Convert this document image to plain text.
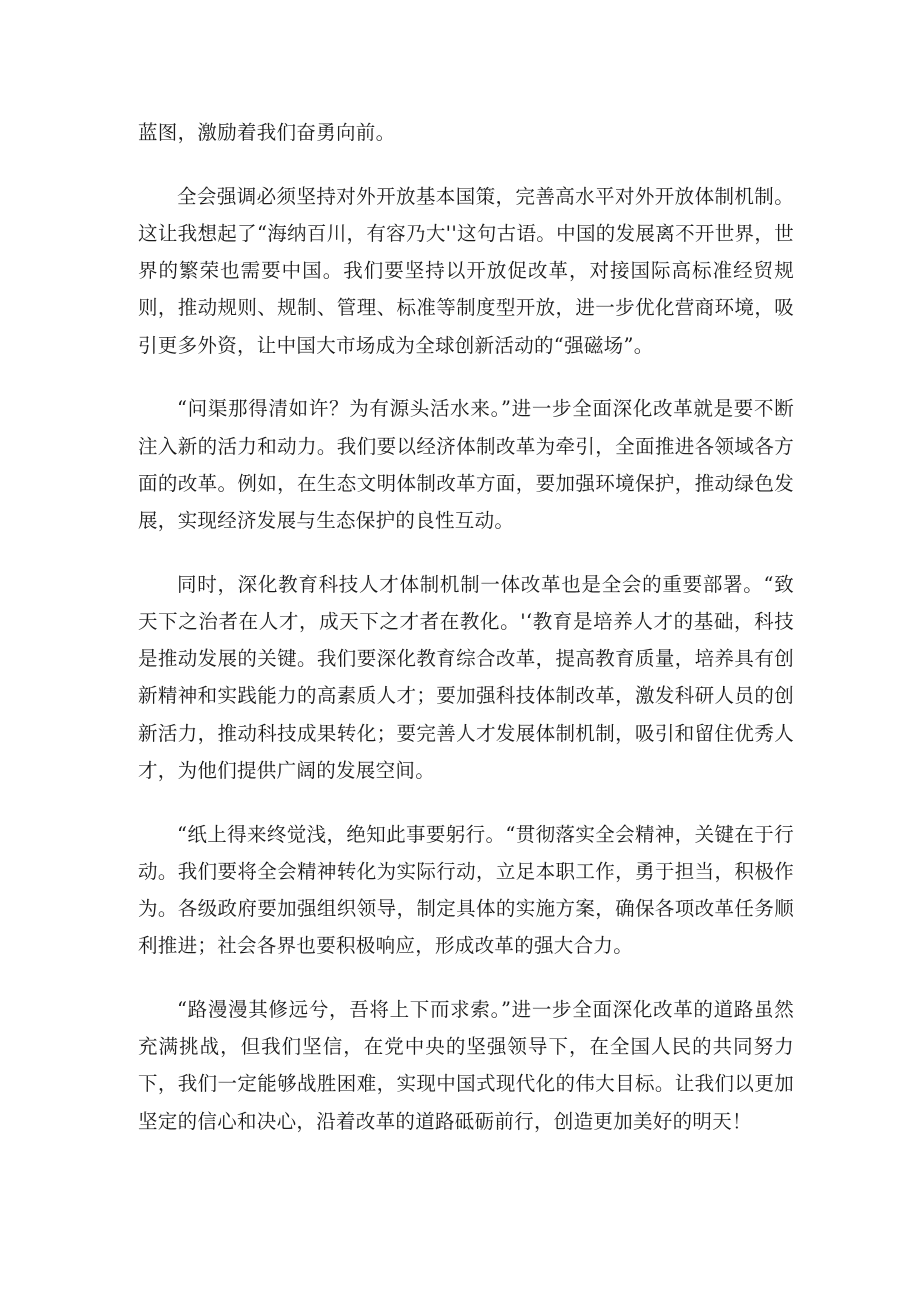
蓝图，激励着我们奋勇向前。

全会强调必须坚持对外开放基本国策，完善高水平对外开放体制机制。这让我想起了“海纳百川，有容乃大''这句古语。中国的发展离不开世界，世界的繁荣也需要中国。我们要坚持以开放促改革，对接国际高标准经贸规则，推动规则、规制、管理、标准等制度型开放，进一步优化营商环境，吸引更多外资，让中国大市场成为全球创新活动的“强磁场”。

“问渠那得清如许？为有源头活水来。”进一步全面深化改革就是要不断注入新的活力和动力。我们要以经济体制改革为牵引，全面推进各领域各方面的改革。例如，在生态文明体制改革方面，要加强环境保护，推动绿色发展，实现经济发展与生态保护的良性互动。

同时，深化教育科技人才体制机制一体改革也是全会的重要部署。“致天下之治者在人才，成天下之才者在教化。'‘教育是培养人才的基础，科技是推动发展的关键。我们要深化教育综合改革，提高教育质量，培养具有创新精神和实践能力的高素质人才；要加强科技体制改革，激发科研人员的创新活力，推动科技成果转化；要完善人才发展体制机制，吸引和留住优秀人才，为他们提供广阔的发展空间。

“纸上得来终觉浅，绝知此事要躬行。“贯彻落实全会精神，关键在于行动。我们要将全会精神转化为实际行动，立足本职工作，勇于担当，积极作为。各级政府要加强组织领导，制定具体的实施方案，确保各项改革任务顺利推进；社会各界也要积极响应，形成改革的强大合力。

“路漫漫其修远兮，吾将上下而求索。”进一步全面深化改革的道路虽然充满挑战，但我们坚信，在党中央的坚强领导下，在全国人民的共同努力下，我们一定能够战胜困难，实现中国式现代化的伟大目标。让我们以更加坚定的信心和决心，沿着改革的道路砥砺前行，创造更加美好的明天！
